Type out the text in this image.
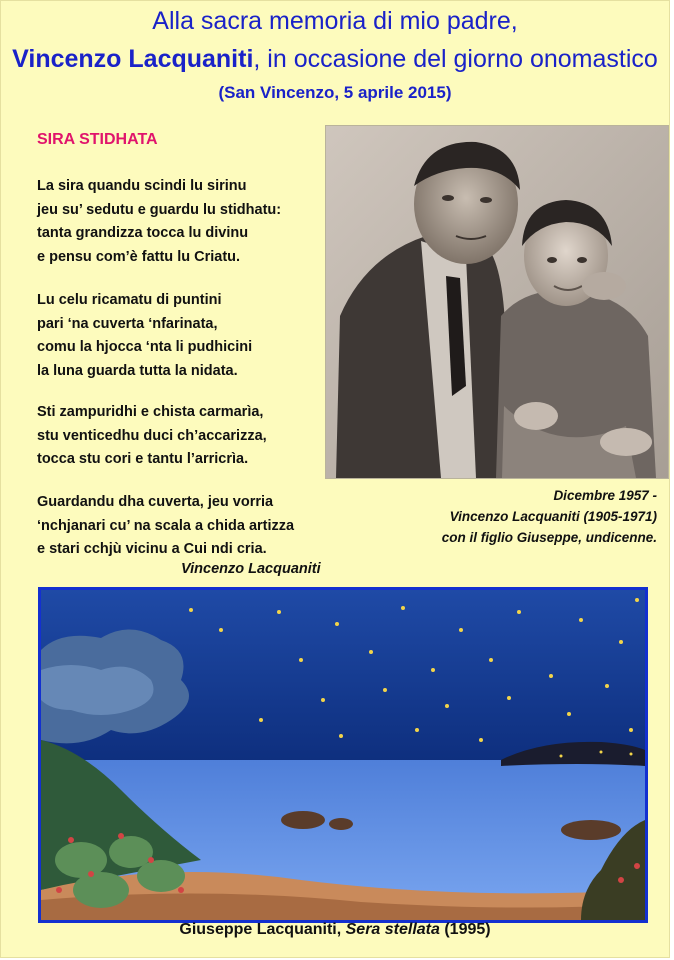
Alla sacra memoria di mio padre,
Vincenzo Lacquaniti, in occasione del giorno onomastico
(San Vincenzo, 5 aprile 2015)
SIRA STIDHATA
La sira quandu scindi lu sirinu
jeu su’ sedutu e guardu lu stidhatu:
tanta grandizza tocca lu divinu
e pensu com’è fattu lu Criatu.
Lu celu ricamatu di puntini
pari ‘na cuverta ‘nfarinata,
comu la hjocca ‘nta li pudhicini
la luna guarda tutta la nidata.
Sti zampuridhi e chista carmarìa,
stu venticedhu duci ch’accarizza,
tocca stu cori e tantu l’arricrìa.
Guardandu dha cuverta, jeu vorria
‘nchjanari cu’ na scala a chida artizza
e stari cchjù vicinu a Cui ndi cria.
Vincenzo Lacquaniti
Dicembre 1957 -
Vincenzo Lacquaniti (1905-1971)
con il figlio Giuseppe, undicenne.
Giuseppe Lacquaniti, Sera stellata (1995)
